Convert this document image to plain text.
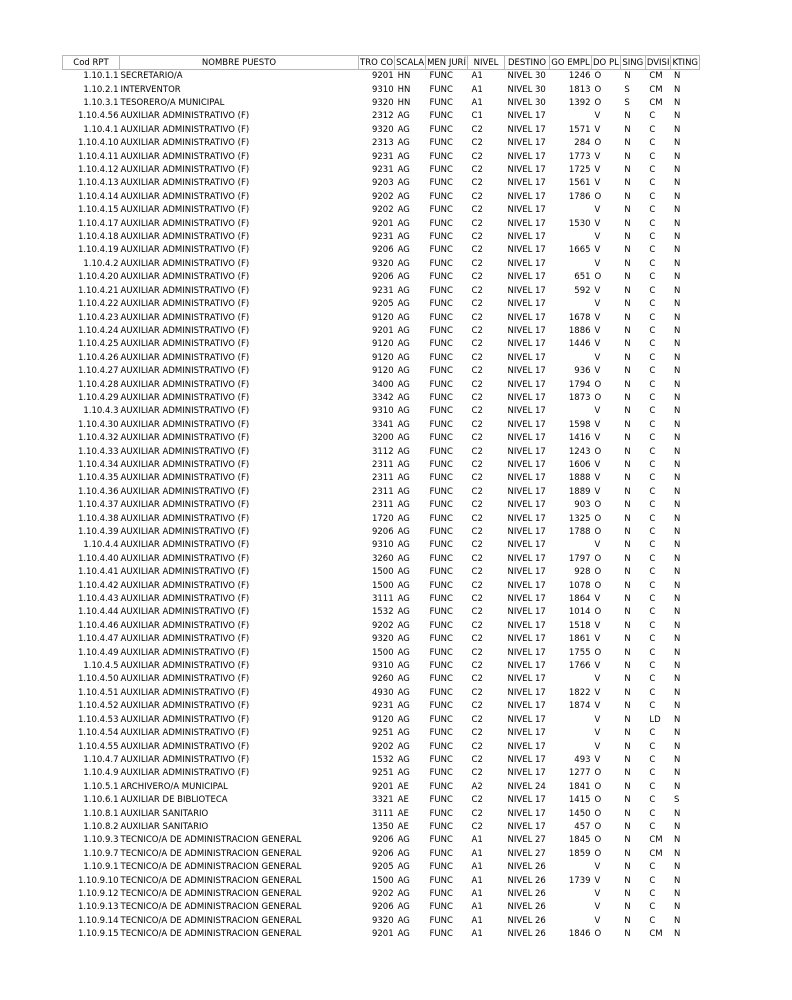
Cod RPT	NOMBRE PUESTO	TRO CO	SCALA	MEN JURÍ	NIVEL	DESTINO	GO EMPL	DO PL	SING	DVISI	KTING
1.10.1.1	SECRETARIO/A	9201	HN	FUNC	A1	NIVEL 30	1246	O	N	CM	N
1.10.2.1	INTERVENTOR	9310	HN	FUNC	A1	NIVEL 30	1813	O	S	CM	N
1.10.3.1	TESORERO/A MUNICIPAL	9320	HN	FUNC	A1	NIVEL 30	1392	O	S	CM	N
1.10.4.56	AUXILIAR ADMINISTRATIVO (F)	2312	AG	FUNC	C1	NIVEL 17		V	N	C	N
1.10.4.1	AUXILIAR ADMINISTRATIVO (F)	9320	AG	FUNC	C2	NIVEL 17	1571	V	N	C	N
1.10.4.10	AUXILIAR ADMINISTRATIVO (F)	2313	AG	FUNC	C2	NIVEL 17	284	O	N	C	N
1.10.4.11	AUXILIAR ADMINISTRATIVO (F)	9231	AG	FUNC	C2	NIVEL 17	1773	V	N	C	N
1.10.4.12	AUXILIAR ADMINISTRATIVO (F)	9231	AG	FUNC	C2	NIVEL 17	1725	V	N	C	N
1.10.4.13	AUXILIAR ADMINISTRATIVO (F)	9203	AG	FUNC	C2	NIVEL 17	1561	V	N	C	N
1.10.4.14	AUXILIAR ADMINISTRATIVO (F)	9202	AG	FUNC	C2	NIVEL 17	1786	O	N	C	N
1.10.4.15	AUXILIAR ADMINISTRATIVO (F)	9202	AG	FUNC	C2	NIVEL 17		V	N	C	N
1.10.4.17	AUXILIAR ADMINISTRATIVO (F)	9201	AG	FUNC	C2	NIVEL 17	1530	V	N	C	N
1.10.4.18	AUXILIAR ADMINISTRATIVO (F)	9231	AG	FUNC	C2	NIVEL 17		V	N	C	N
1.10.4.19	AUXILIAR ADMINISTRATIVO (F)	9206	AG	FUNC	C2	NIVEL 17	1665	V	N	C	N
1.10.4.2	AUXILIAR ADMINISTRATIVO (F)	9320	AG	FUNC	C2	NIVEL 17		V	N	C	N
1.10.4.20	AUXILIAR ADMINISTRATIVO (F)	9206	AG	FUNC	C2	NIVEL 17	651	O	N	C	N
1.10.4.21	AUXILIAR ADMINISTRATIVO (F)	9231	AG	FUNC	C2	NIVEL 17	592	V	N	C	N
1.10.4.22	AUXILIAR ADMINISTRATIVO (F)	9205	AG	FUNC	C2	NIVEL 17		V	N	C	N
1.10.4.23	AUXILIAR ADMINISTRATIVO (F)	9120	AG	FUNC	C2	NIVEL 17	1678	V	N	C	N
1.10.4.24	AUXILIAR ADMINISTRATIVO (F)	9201	AG	FUNC	C2	NIVEL 17	1886	V	N	C	N
1.10.4.25	AUXILIAR ADMINISTRATIVO (F)	9120	AG	FUNC	C2	NIVEL 17	1446	V	N	C	N
1.10.4.26	AUXILIAR ADMINISTRATIVO (F)	9120	AG	FUNC	C2	NIVEL 17		V	N	C	N
1.10.4.27	AUXILIAR ADMINISTRATIVO (F)	9120	AG	FUNC	C2	NIVEL 17	936	V	N	C	N
1.10.4.28	AUXILIAR ADMINISTRATIVO (F)	3400	AG	FUNC	C2	NIVEL 17	1794	O	N	C	N
1.10.4.29	AUXILIAR ADMINISTRATIVO (F)	3342	AG	FUNC	C2	NIVEL 17	1873	O	N	C	N
1.10.4.3	AUXILIAR ADMINISTRATIVO (F)	9310	AG	FUNC	C2	NIVEL 17		V	N	C	N
1.10.4.30	AUXILIAR ADMINISTRATIVO (F)	3341	AG	FUNC	C2	NIVEL 17	1598	V	N	C	N
1.10.4.32	AUXILIAR ADMINISTRATIVO (F)	3200	AG	FUNC	C2	NIVEL 17	1416	V	N	C	N
1.10.4.33	AUXILIAR ADMINISTRATIVO (F)	3112	AG	FUNC	C2	NIVEL 17	1243	O	N	C	N
1.10.4.34	AUXILIAR ADMINISTRATIVO (F)	2311	AG	FUNC	C2	NIVEL 17	1606	V	N	C	N
1.10.4.35	AUXILIAR ADMINISTRATIVO (F)	2311	AG	FUNC	C2	NIVEL 17	1888	V	N	C	N
1.10.4.36	AUXILIAR ADMINISTRATIVO (F)	2311	AG	FUNC	C2	NIVEL 17	1889	V	N	C	N
1.10.4.37	AUXILIAR ADMINISTRATIVO (F)	2311	AG	FUNC	C2	NIVEL 17	903	O	N	C	N
1.10.4.38	AUXILIAR ADMINISTRATIVO (F)	1720	AG	FUNC	C2	NIVEL 17	1325	O	N	C	N
1.10.4.39	AUXILIAR ADMINISTRATIVO (F)	9206	AG	FUNC	C2	NIVEL 17	1788	O	N	C	N
1.10.4.4	AUXILIAR ADMINISTRATIVO (F)	9310	AG	FUNC	C2	NIVEL 17		V	N	C	N
1.10.4.40	AUXILIAR ADMINISTRATIVO (F)	3260	AG	FUNC	C2	NIVEL 17	1797	O	N	C	N
1.10.4.41	AUXILIAR ADMINISTRATIVO (F)	1500	AG	FUNC	C2	NIVEL 17	928	O	N	C	N
1.10.4.42	AUXILIAR ADMINISTRATIVO (F)	1500	AG	FUNC	C2	NIVEL 17	1078	O	N	C	N
1.10.4.43	AUXILIAR ADMINISTRATIVO (F)	3111	AG	FUNC	C2	NIVEL 17	1864	V	N	C	N
1.10.4.44	AUXILIAR ADMINISTRATIVO (F)	1532	AG	FUNC	C2	NIVEL 17	1014	O	N	C	N
1.10.4.46	AUXILIAR ADMINISTRATIVO (F)	9202	AG	FUNC	C2	NIVEL 17	1518	V	N	C	N
1.10.4.47	AUXILIAR ADMINISTRATIVO (F)	9320	AG	FUNC	C2	NIVEL 17	1861	V	N	C	N
1.10.4.49	AUXILIAR ADMINISTRATIVO (F)	1500	AG	FUNC	C2	NIVEL 17	1755	O	N	C	N
1.10.4.5	AUXILIAR ADMINISTRATIVO (F)	9310	AG	FUNC	C2	NIVEL 17	1766	V	N	C	N
1.10.4.50	AUXILIAR ADMINISTRATIVO (F)	9260	AG	FUNC	C2	NIVEL 17		V	N	C	N
1.10.4.51	AUXILIAR ADMINISTRATIVO (F)	4930	AG	FUNC	C2	NIVEL 17	1822	V	N	C	N
1.10.4.52	AUXILIAR ADMINISTRATIVO (F)	9231	AG	FUNC	C2	NIVEL 17	1874	V	N	C	N
1.10.4.53	AUXILIAR ADMINISTRATIVO (F)	9120	AG	FUNC	C2	NIVEL 17		V	N	LD	N
1.10.4.54	AUXILIAR ADMINISTRATIVO (F)	9251	AG	FUNC	C2	NIVEL 17		V	N	C	N
1.10.4.55	AUXILIAR ADMINISTRATIVO (F)	9202	AG	FUNC	C2	NIVEL 17		V	N	C	N
1.10.4.7	AUXILIAR ADMINISTRATIVO (F)	1532	AG	FUNC	C2	NIVEL 17	493	V	N	C	N
1.10.4.9	AUXILIAR ADMINISTRATIVO (F)	9251	AG	FUNC	C2	NIVEL 17	1277	O	N	C	N
1.10.5.1	ARCHIVERO/A MUNICIPAL	9201	AE	FUNC	A2	NIVEL 24	1841	O	N	C	N
1.10.6.1	AUXILIAR DE BIBLIOTECA	3321	AE	FUNC	C2	NIVEL 17	1415	O	N	C	S
1.10.8.1	AUXILIAR SANITARIO	3111	AE	FUNC	C2	NIVEL 17	1450	O	N	C	N
1.10.8.2	AUXILIAR SANITARIO	1350	AE	FUNC	C2	NIVEL 17	457	O	N	C	N
1.10.9.3	TECNICO/A DE ADMINISTRACION GENERAL	9206	AG	FUNC	A1	NIVEL 27	1845	O	N	CM	N
1.10.9.7	TECNICO/A DE ADMINISTRACION GENERAL	9206	AG	FUNC	A1	NIVEL 27	1859	O	N	CM	N
1.10.9.1	TECNICO/A DE ADMINISTRACION GENERAL	9205	AG	FUNC	A1	NIVEL 26		V	N	C	N
1.10.9.10	TECNICO/A DE ADMINISTRACION GENERAL	1500	AG	FUNC	A1	NIVEL 26	1739	V	N	C	N
1.10.9.12	TECNICO/A DE ADMINISTRACION GENERAL	9202	AG	FUNC	A1	NIVEL 26		V	N	C	N
1.10.9.13	TECNICO/A DE ADMINISTRACION GENERAL	9206	AG	FUNC	A1	NIVEL 26		V	N	C	N
1.10.9.14	TECNICO/A DE ADMINISTRACION GENERAL	9320	AG	FUNC	A1	NIVEL 26		V	N	C	N
1.10.9.15	TECNICO/A DE ADMINISTRACION GENERAL	9201	AG	FUNC	A1	NIVEL 26	1846	O	N	CM	N
